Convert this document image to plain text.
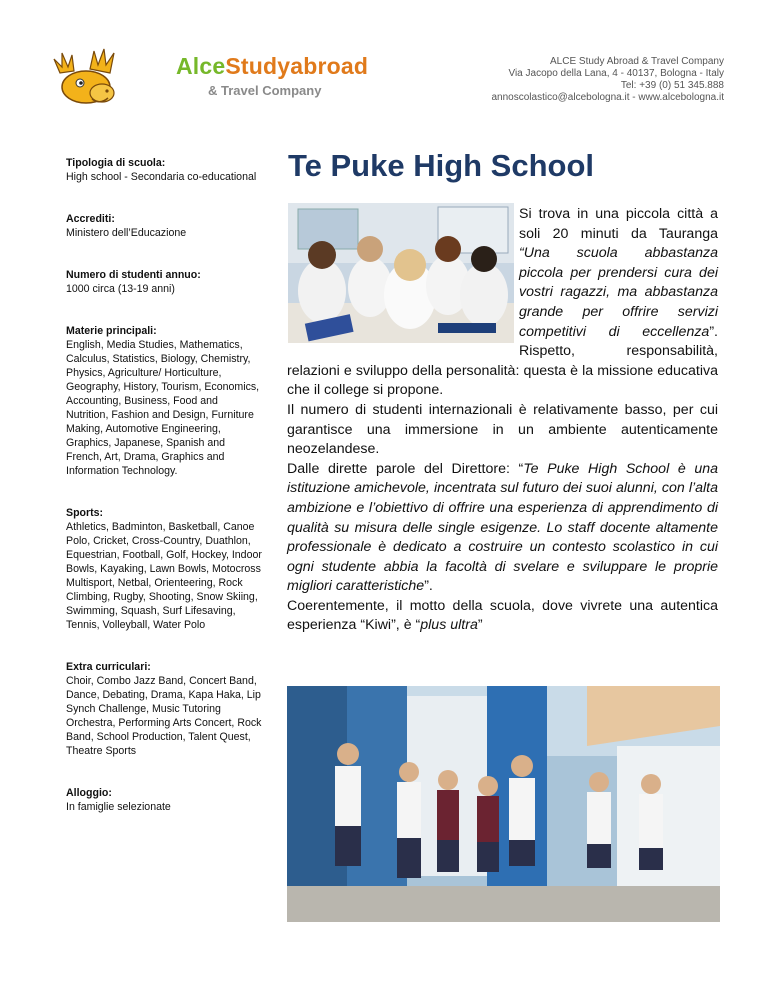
AlceStudyabroad
& Travel Company
ALCE Study Abroad & Travel Company
Via Jacopo della Lana, 4 - 40137, Bologna - Italy
Tel: +39 (0) 51 345.888
annoscolastico@alcebologna.it - www.alcebologna.it
Tipologia di scuola:
High school - Secondaria co-educational
Accrediti:
Ministero dell’Educazione
Numero di studenti annuo:
1000 circa (13-19 anni)
Materie principali:
English, Media Studies, Mathematics, Calculus, Statistics, Biology, Chemistry, Physics, Agriculture/ Horticulture, Geography, History, Tourism, Economics, Accounting, Business, Food and Nutrition, Fashion and Design, Furniture Making, Automotive Engineering, Graphics, Japanese, Spanish and French, Art, Drama, Graphics and Information Technology.
Sports:
Athletics, Badminton, Basketball, Canoe Polo, Cricket, Cross-Country, Duathlon, Equestrian, Football, Golf, Hockey, Indoor Bowls, Kayaking, Lawn Bowls, Motocross Multisport, Netbal, Orienteering, Rock Climbing, Rugby, Shooting, Snow Skiing, Swimming, Squash, Surf Lifesaving, Tennis, Volleyball, Water Polo
Extra curriculari:
Choir, Combo Jazz Band, Concert Band, Dance, Debating, Drama, Kapa Haka, Lip Synch Challenge, Music Tutoring Orchestra, Performing Arts Concert, Rock Band, School Production, Talent Quest, Theatre Sports
Alloggio:
In famiglie selezionate
Te Puke High School

Si trova in una piccola città a soli 20 minuti da Tauranga “Una scuola abbastanza piccola per prendersi cura dei vostri ragazzi, ma abbastanza grande per offrire servizi competitivi di eccellenza”. Rispetto, responsabilità, relazioni e sviluppo della personalità: questa è la missione educativa che il college si propone.

Il numero di studenti internazionali è relativamente basso, per cui garantisce una immersione in un ambiente autenticamente neozelandese.

Dalle dirette parole del Direttore: “Te Puke High School è una istituzione amichevole, incentrata sul futuro dei suoi alunni, con l’alta ambizione e l’obiettivo di offrire una esperienza di apprendimento di qualità su misura delle single esigenze. Lo staff docente altamente professionale è dedicato a costruire un contesto scolastico in cui ogni studente abbia la facoltà di svelare e sviluppare le proprie migliori caratteristiche”.

Coerentemente, il motto della scuola, dove vivrete una autentica esperienza “Kiwi”, è “plus ultra”
